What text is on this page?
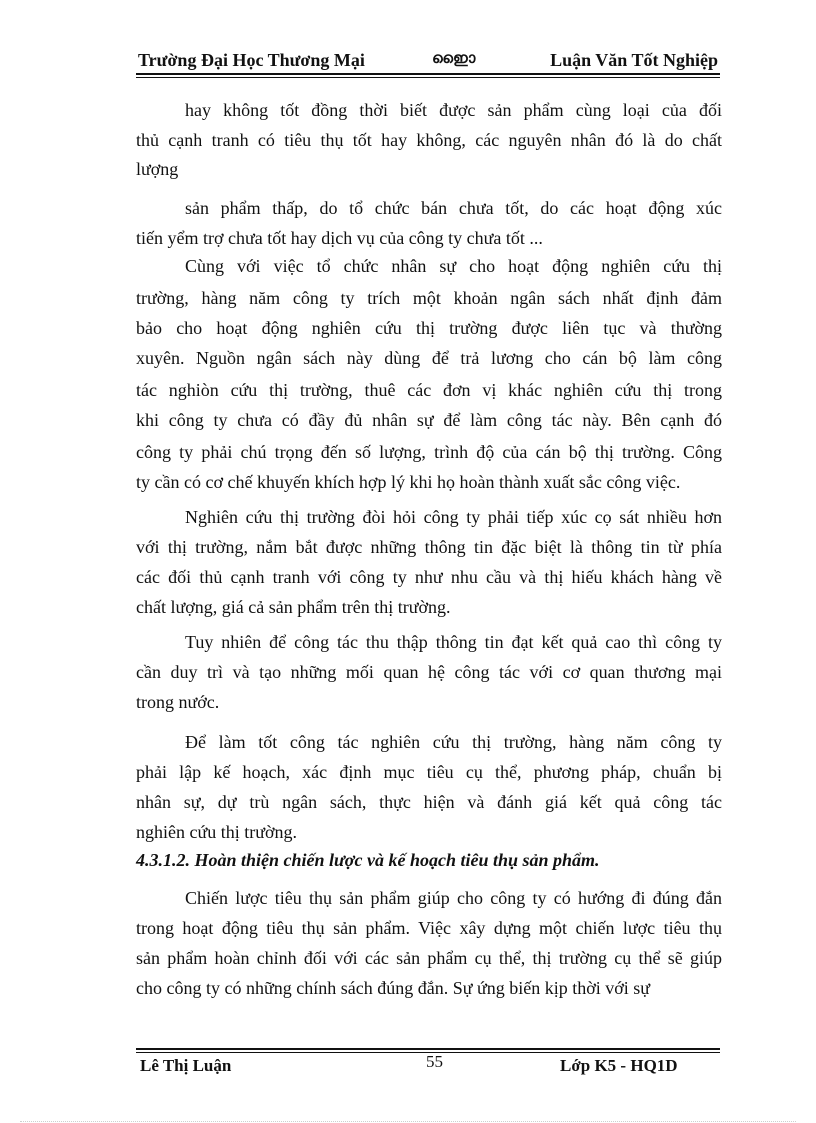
Trường Đại Học Thương Mại	ഇൈാ	Luận Văn Tốt Nghiệp
hay không tốt đồng thời biết được sản phẩm cùng loại của đối
thủ cạnh tranh có tiêu thụ tốt hay không, các nguyên nhân đó là do chất
lượng
sản phẩm thấp, do tổ chức bán chưa tốt, do các hoạt động xúc
tiến yểm trợ chưa tốt hay dịch vụ của công ty chưa tốt ...
Cùng với việc tổ chức nhân sự cho hoạt động nghiên cứu thị
trường, hàng năm công ty trích một khoản ngân sách nhất định đảm
bảo cho hoạt động nghiên cứu thị trường được liên tục và thường
xuyên. Nguồn ngân sách này dùng để trả lương cho cán bộ làm công
tác nghiòn cứu thị trường, thuê các đơn vị khác nghiên cứu thị trong
khi công ty chưa có đầy đủ nhân sự để làm công tác này. Bên cạnh đó
công ty phải chú trọng đến số lượng, trình độ của cán bộ thị trường. Công
ty cần có cơ chế khuyến khích hợp lý khi họ hoàn thành xuất sắc công việc.
Nghiên cứu thị trường đòi hỏi công ty phải tiếp xúc cọ sát nhiều hơn
với thị trường, nắm bắt được những thông tin đặc biệt là thông tin từ phía
các đối thủ cạnh tranh với công ty như nhu cầu và thị hiếu khách hàng về
chất lượng, giá cả sản phẩm trên thị trường.
Tuy nhiên để công tác thu thập thông tin đạt kết quả cao thì công ty
cần duy trì và tạo những mối quan hệ công tác với cơ quan thương mại
trong nước.
Để làm tốt công tác nghiên cứu thị trường, hàng năm công ty
phải lập kế hoạch, xác định mục tiêu cụ thể, phương pháp, chuẩn bị
nhân sự, dự trù ngân sách, thực hiện và đánh giá kết quả công tác
nghiên cứu thị trường.
4.3.1.2. Hoàn thiện chiến lược và kế hoạch tiêu thụ sản phẩm.
Chiến lược tiêu thụ sản phẩm giúp cho công ty có hướng đi đúng đắn
trong hoạt động tiêu thụ sản phẩm. Việc xây dựng một chiến lược tiêu thụ
sản phẩm hoàn chỉnh đối với các sản phẩm cụ thể, thị trường cụ thể sẽ giúp
cho công ty có những chính sách đúng đắn. Sự ứng biến kịp thời với sự
Lê Thị Luận	55	Lớp K5 - HQ1D
